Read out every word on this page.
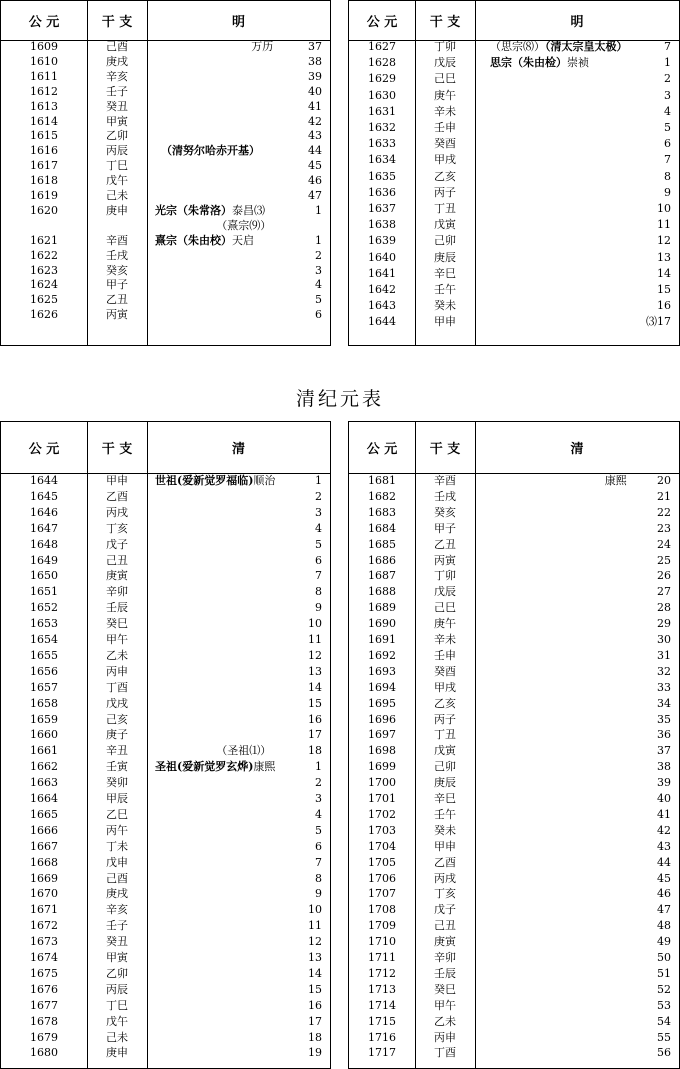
公 元	干 支	明
1609	己酉	万历	37
1610	庚戌	38
1611	辛亥	39
1612	壬子	40
1613	癸丑	41
1614	甲寅	42
1615	乙卯	43
1616	丙辰	（清努尔哈赤开基）	44
1617	丁巳	45
1618	戊午	46
1619	己未	47
1620	庚申	光宗（朱常洛）泰昌⑶	1
（熹宗⑼）
1621	辛酉	熹宗（朱由校）天启	1
1622	壬戌	2
1623	癸亥	3
1624	甲子	4
1625	乙丑	5
1626	丙寅	6
公 元	干 支	明
1627	丁卯	（思宗⑻）（清太宗皇太极）	7
1628	戊辰	思宗（朱由检）崇祯	1
1629	己巳	2
1630	庚午	3
1631	辛未	4
1632	壬申	5
1633	癸酉	6
1634	甲戌	7
1635	乙亥	8
1636	丙子	9
1637	丁丑	10
1638	戊寅	11
1639	己卯	12
1640	庚辰	13
1641	辛巳	14
1642	壬午	15
1643	癸未	16
1644	甲申	⑶17
清纪元表
公 元	干 支	清
1644	甲申	世祖(爱新觉罗福临)顺治	1
1645	乙酉	2
1646	丙戌	3
1647	丁亥	4
1648	戊子	5
1649	己丑	6
1650	庚寅	7
1651	辛卯	8
1652	壬辰	9
1653	癸巳	10
1654	甲午	11
1655	乙未	12
1656	丙申	13
1657	丁酉	14
1658	戊戌	15
1659	己亥	16
1660	庚子	17
1661	辛丑	（圣祖⑴）	18
1662	壬寅	圣祖(爱新觉罗玄烨)康熙	1
1663	癸卯	2
1664	甲辰	3
1665	乙巳	4
1666	丙午	5
1667	丁未	6
1668	戊申	7
1669	己酉	8
1670	庚戌	9
1671	辛亥	10
1672	壬子	11
1673	癸丑	12
1674	甲寅	13
1675	乙卯	14
1676	丙辰	15
1677	丁巳	16
1678	戊午	17
1679	己未	18
1680	庚申	19
公 元	干 支	清
1681	辛酉	康熙	20
1682	壬戌	21
1683	癸亥	22
1684	甲子	23
1685	乙丑	24
1686	丙寅	25
1687	丁卯	26
1688	戊辰	27
1689	己巳	28
1690	庚午	29
1691	辛未	30
1692	壬申	31
1693	癸酉	32
1694	甲戌	33
1695	乙亥	34
1696	丙子	35
1697	丁丑	36
1698	戊寅	37
1699	己卯	38
1700	庚辰	39
1701	辛巳	40
1702	壬午	41
1703	癸未	42
1704	甲申	43
1705	乙酉	44
1706	丙戌	45
1707	丁亥	46
1708	戊子	47
1709	己丑	48
1710	庚寅	49
1711	辛卯	50
1712	壬辰	51
1713	癸巳	52
1714	甲午	53
1715	乙未	54
1716	丙申	55
1717	丁酉	56
